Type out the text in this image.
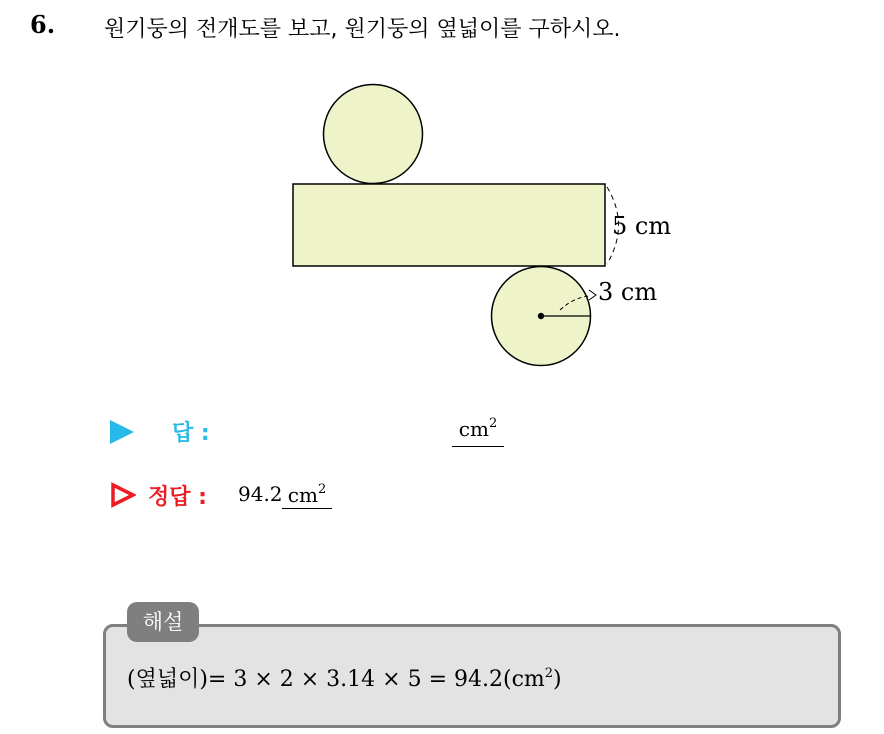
6. 원기둥의 전개도를 보고, 원기둥의 옆넓이를 구하시오.
5 cm
3 cm
답 :	$cm^2$
정답 : 94.2 $cm^2$
해설
(옆넓이)= $3 \times 2 \times 3.14 \times 5 = 94.2(cm^2)$
